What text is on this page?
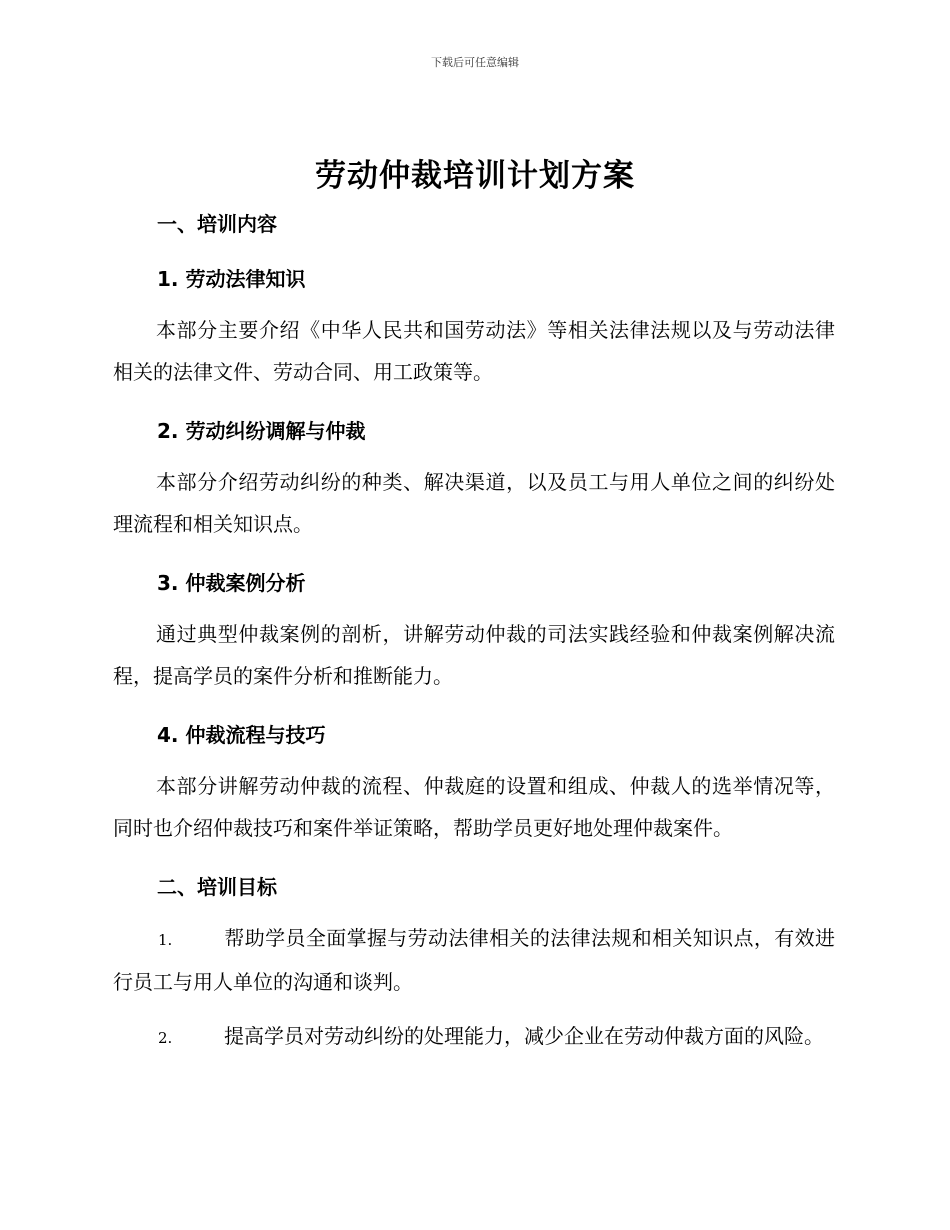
下载后可任意编辑
劳动仲裁培训计划方案
一、培训内容
1. 劳动法律知识
本部分主要介绍《中华人民共和国劳动法》等相关法律法规以及与劳动法律相关的法律文件、劳动合同、用工政策等。
2. 劳动纠纷调解与仲裁
本部分介绍劳动纠纷的种类、解决渠道，以及员工与用人单位之间的纠纷处理流程和相关知识点。
3. 仲裁案例分析
通过典型仲裁案例的剖析，讲解劳动仲裁的司法实践经验和仲裁案例解决流程，提高学员的案件分析和推断能力。
4. 仲裁流程与技巧
本部分讲解劳动仲裁的流程、仲裁庭的设置和组成、仲裁人的选举情况等，同时也介绍仲裁技巧和案件举证策略，帮助学员更好地处理仲裁案件。
二、培训目标
1.	帮助学员全面掌握与劳动法律相关的法律法规和相关知识点，有效进行员工与用人单位的沟通和谈判。
2.	提高学员对劳动纠纷的处理能力，减少企业在劳动仲裁方面的风险。
